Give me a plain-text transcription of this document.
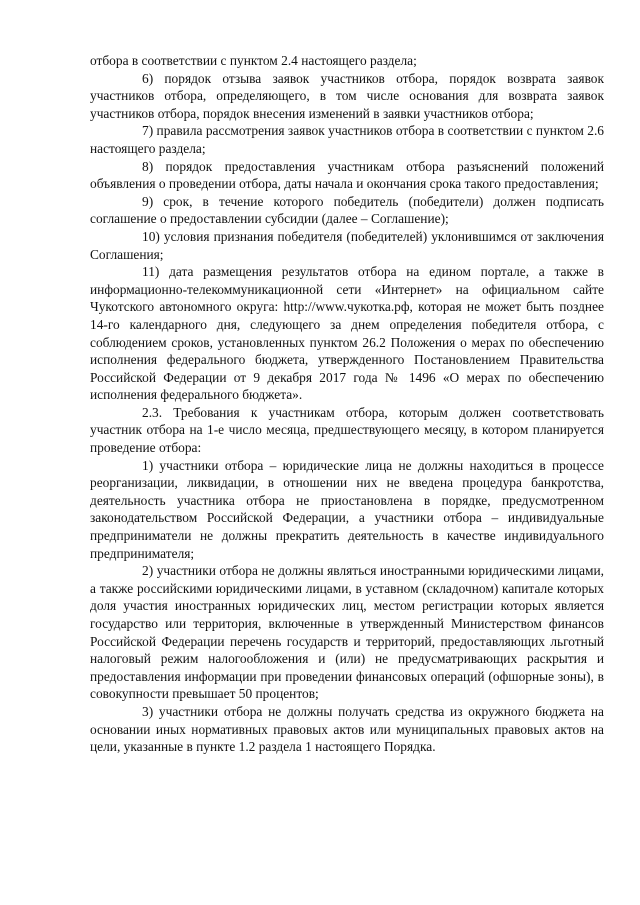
отбора в соответствии с пунктом 2.4 настоящего раздела;

6) порядок отзыва заявок участников отбора, порядок возврата заявок участников отбора, определяющего, в том числе основания для возврата заявок участников отбора, порядок внесения изменений в заявки участников отбора;

7) правила рассмотрения заявок участников отбора в соответствии с пунктом 2.6 настоящего раздела;

8) порядок предоставления участникам отбора разъяснений положений объявления о проведении отбора, даты начала и окончания срока такого предоставления;

9) срок, в течение которого победитель (победители) должен подписать соглашение о предоставлении субсидии (далее – Соглашение);

10) условия признания победителя (победителей) уклонившимся от заключения Соглашения;

11) дата размещения результатов отбора на едином портале, а также в информационно-телекоммуникационной сети «Интернет» на официальном сайте Чукотского автономного округа: http://www.чукотка.рф, которая не может быть позднее 14-го календарного дня, следующего за днем определения победителя отбора, с соблюдением сроков, установленных пунктом 26.2 Положения о мерах по обеспечению исполнения федерального бюджета, утвержденного Постановлением Правительства Российской Федерации от 9 декабря 2017 года № 1496 «О мерах по обеспечению исполнения федерального бюджета».

2.3. Требования к участникам отбора, которым должен соответствовать участник отбора на 1-е число месяца, предшествующего месяцу, в котором планируется проведение отбора:

1) участники отбора – юридические лица не должны находиться в процессе реорганизации, ликвидации, в отношении них не введена процедура банкротства, деятельность участника отбора не приостановлена в порядке, предусмотренном законодательством Российской Федерации, а участники отбора – индивидуальные предприниматели не должны прекратить деятельность в качестве индивидуального предпринимателя;

2) участники отбора не должны являться иностранными юридическими лицами, а также российскими юридическими лицами, в уставном (складочном) капитале которых доля участия иностранных юридических лиц, местом регистрации которых является государство или территория, включенные в утвержденный Министерством финансов Российской Федерации перечень государств и территорий, предоставляющих льготный налоговый режим налогообложения и (или) не предусматривающих раскрытия и предоставления информации при проведении финансовых операций (офшорные зоны), в совокупности превышает 50 процентов;

3) участники отбора не должны получать средства из окружного бюджета на основании иных нормативных правовых актов или муниципальных правовых актов на цели, указанные в пункте 1.2 раздела 1 настоящего Порядка.
